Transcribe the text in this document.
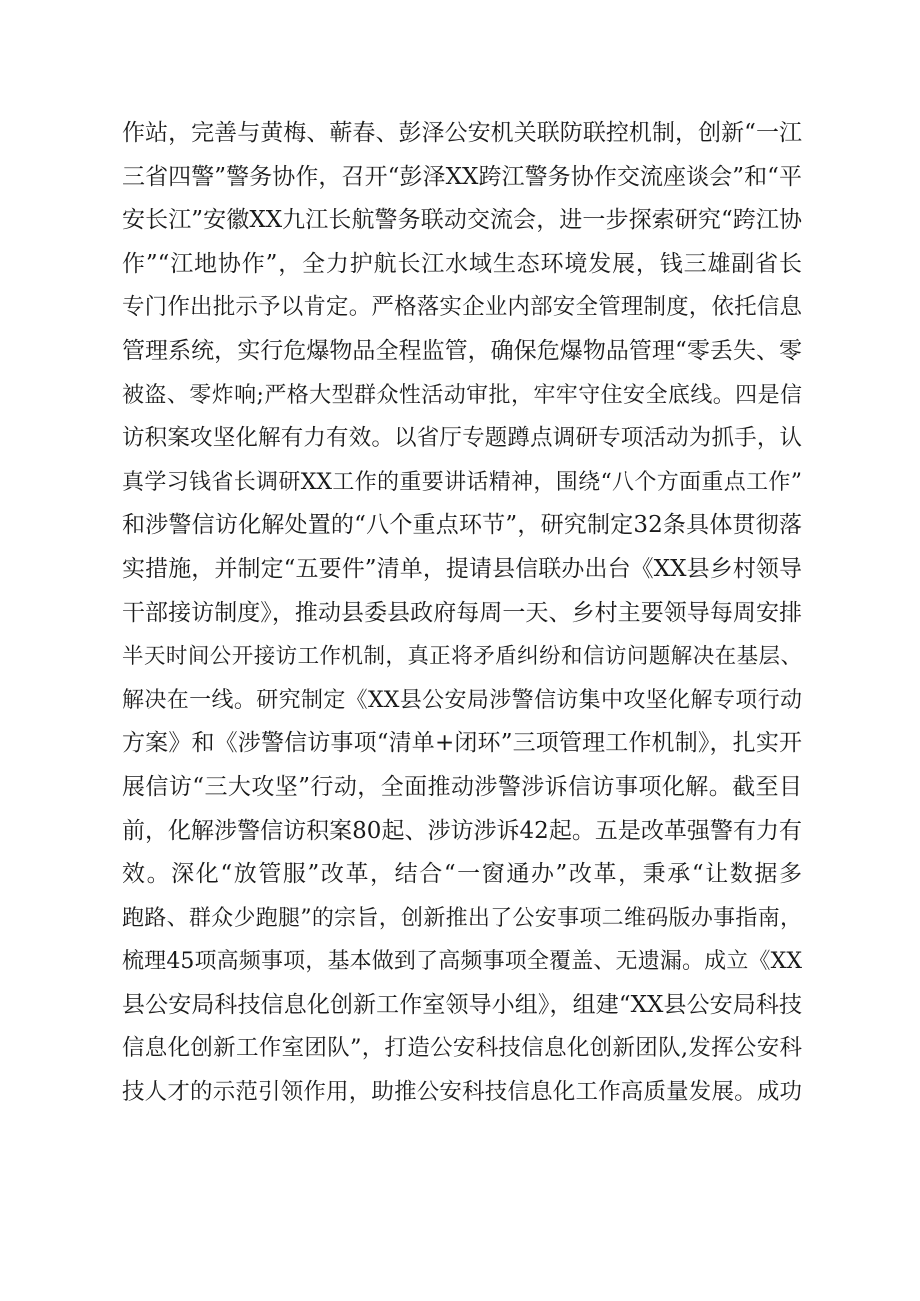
作站，完善与黄梅、蕲春、彭泽公安机关联防联控机制，创新“一江
三省四警”警务协作，召开“彭泽XX跨江警务协作交流座谈会”和“平
安长江”安徽XX九江长航警务联动交流会，进一步探索研究“跨江协
作”“江地协作”，全力护航长江水域生态环境发展，钱三雄副省长
专门作出批示予以肯定。严格落实企业内部安全管理制度，依托信息
管理系统，实行危爆物品全程监管，确保危爆物品管理“零丢失、零
被盗、零炸响;严格大型群众性活动审批，牢牢守住安全底线。四是信
访积案攻坚化解有力有效。以省厅专题蹲点调研专项活动为抓手，认
真学习钱省长调研XX工作的重要讲话精神，围绕“八个方面重点工作”
和涉警信访化解处置的“八个重点环节”，研究制定32条具体贯彻落
实措施，并制定“五要件”清单，提请县信联办出台《XX县乡村领导
干部接访制度》，推动县委县政府每周一天、乡村主要领导每周安排
半天时间公开接访工作机制，真正将矛盾纠纷和信访问题解决在基层、
解决在一线。研究制定《XX县公安局涉警信访集中攻坚化解专项行动
方案》和《涉警信访事项“清单+闭环”三项管理工作机制》，扎实开
展信访“三大攻坚”行动，全面推动涉警涉诉信访事项化解。截至目
前，化解涉警信访积案80起、涉访涉诉42起。五是改革强警有力有
效。深化“放管服”改革，结合“一窗通办”改革，秉承“让数据多
跑路、群众少跑腿”的宗旨，创新推出了公安事项二维码版办事指南，
梳理45项高频事项，基本做到了高频事项全覆盖、无遗漏。成立《XX
县公安局科技信息化创新工作室领导小组》，组建“XX县公安局科技
信息化创新工作室团队”，打造公安科技信息化创新团队,发挥公安科
技人才的示范引领作用，助推公安科技信息化工作高质量发展。成功
